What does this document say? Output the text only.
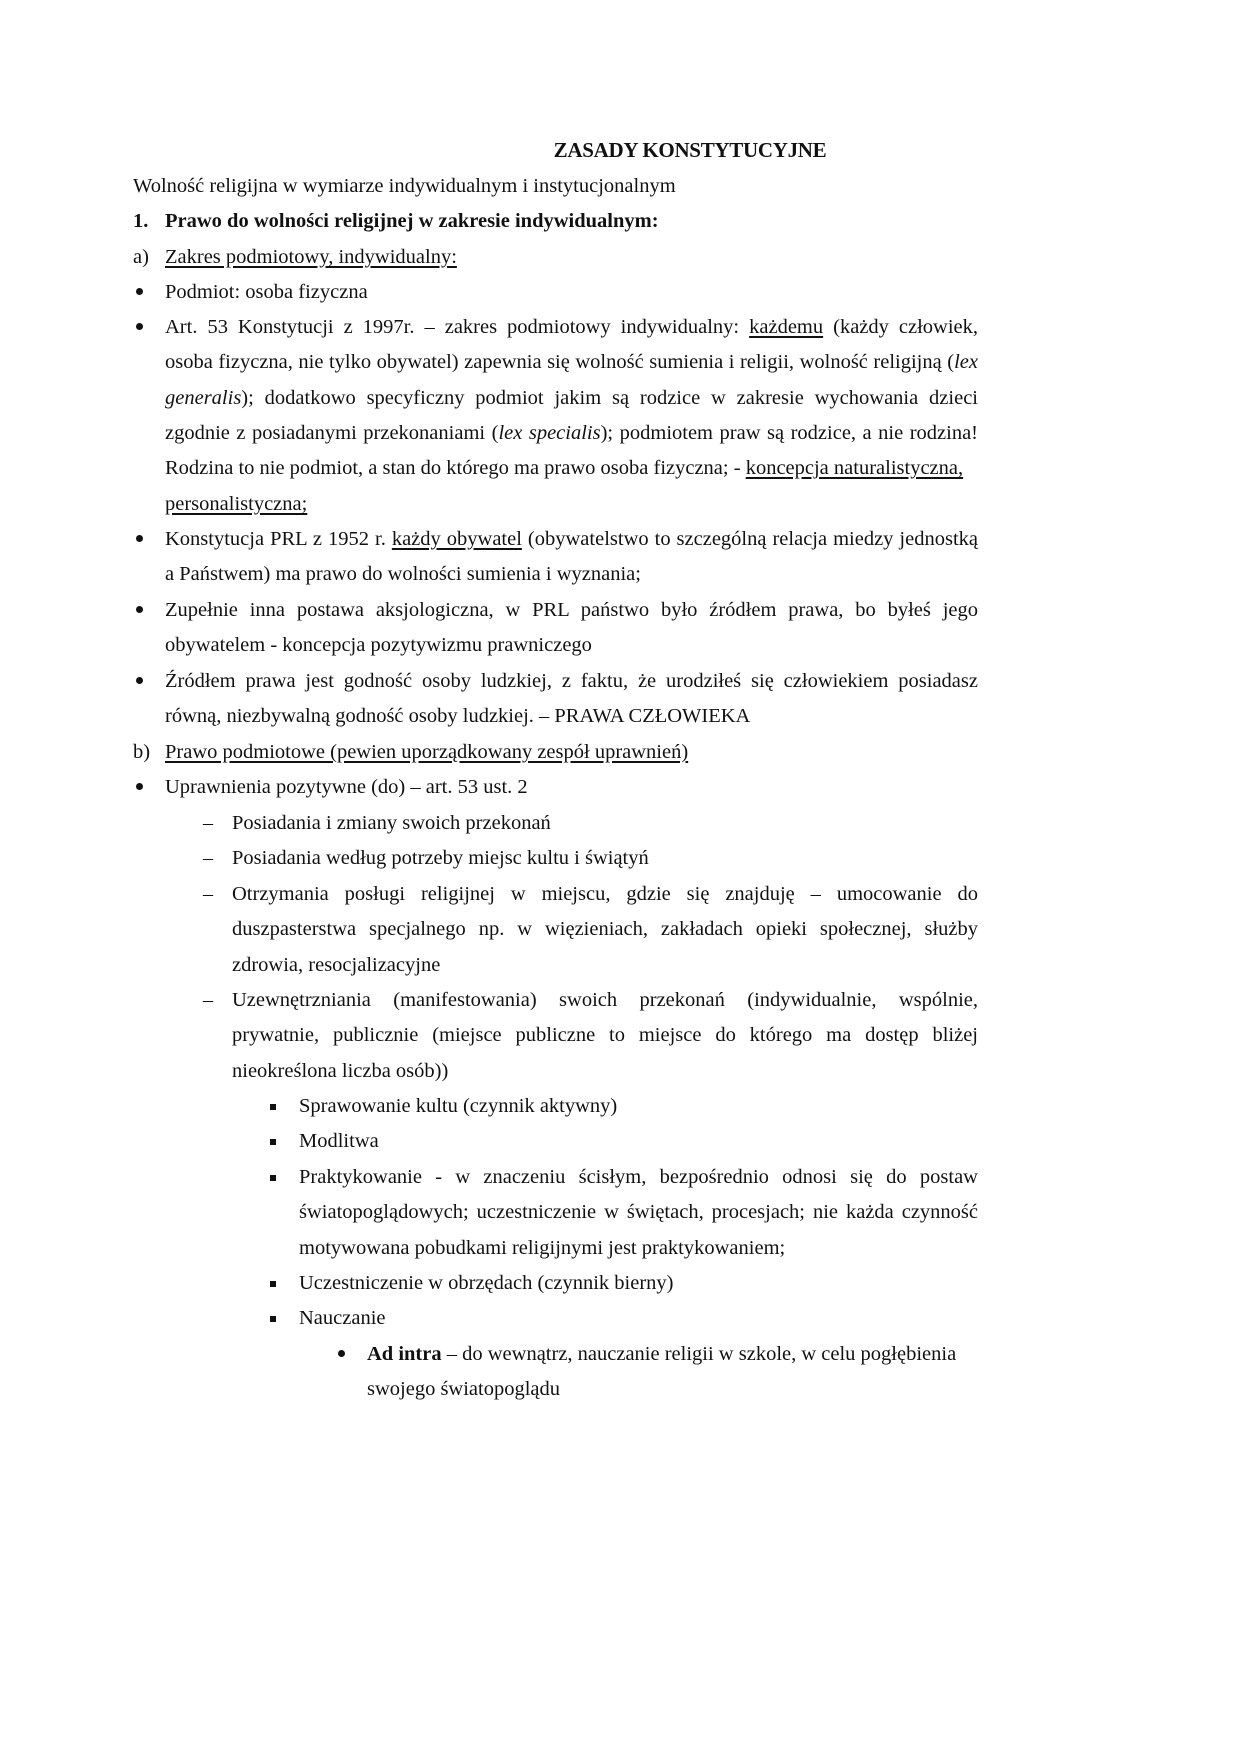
ZASADY KONSTYTUCYJNE
Wolność religijna w wymiarze indywidualnym i instytucjonalnym
1. Prawo do wolności religijnej w zakresie indywidualnym:
a) Zakres podmiotowy, indywidualny:
Podmiot: osoba fizyczna
Art. 53 Konstytucji z 1997r. – zakres podmiotowy indywidualny: każdemu (każdy człowiek,
osoba fizyczna, nie tylko obywatel) zapewnia się wolność sumienia i religii, wolność religijną (lex
generalis); dodatkowo specyficzny podmiot jakim są rodzice w zakresie wychowania dzieci
zgodnie z posiadanymi przekonaniami (lex specialis); podmiotem praw są rodzice, a nie rodzina!
Rodzina to nie podmiot, a stan do którego ma prawo osoba fizyczna; - koncepcja naturalistyczna,
personalistyczna;
Konstytucja PRL z 1952 r. każdy obywatel (obywatelstwo to szczególną relacja miedzy jednostką
a Państwem) ma prawo do wolności sumienia i wyznania;
Zupełnie inna postawa aksjologiczna, w PRL państwo było źródłem prawa, bo byłeś jego
obywatelem - koncepcja pozytywizmu prawniczego
Źródłem prawa jest godność osoby ludzkiej, z faktu, że urodziłeś się człowiekiem posiadasz
równą, niezbywalną godność osoby ludzkiej. – PRAWA CZŁOWIEKA
b) Prawo podmiotowe (pewien uporządkowany zespół uprawnień)
Uprawnienia pozytywne (do) – art. 53 ust. 2
– Posiadania i zmiany swoich przekonań
– Posiadania według potrzeby miejsc kultu i świątyń
– Otrzymania posługi religijnej w miejscu, gdzie się znajduję – umocowanie do
duszpasterstwa specjalnego np. w więzieniach, zakładach opieki społecznej, służby
zdrowia, resocjalizacyjne
– Uzewnętrzniania (manifestowania) swoich przekonań (indywidualnie, wspólnie,
prywatnie, publicznie (miejsce publiczne to miejsce do którego ma dostęp bliżej
nieokreślona liczba osób))
Sprawowanie kultu (czynnik aktywny)
Modlitwa
Praktykowanie - w znaczeniu ścisłym, bezpośrednio odnosi się do postaw
światopoglądowych; uczestniczenie w świętach, procesjach; nie każda czynność
motywowana pobudkami religijnymi jest praktykowaniem;
Uczestniczenie w obrzędach (czynnik bierny)
Nauczanie
Ad intra – do wewnątrz, nauczanie religii w szkole, w celu pogłębienia
swojego światopoglądu
